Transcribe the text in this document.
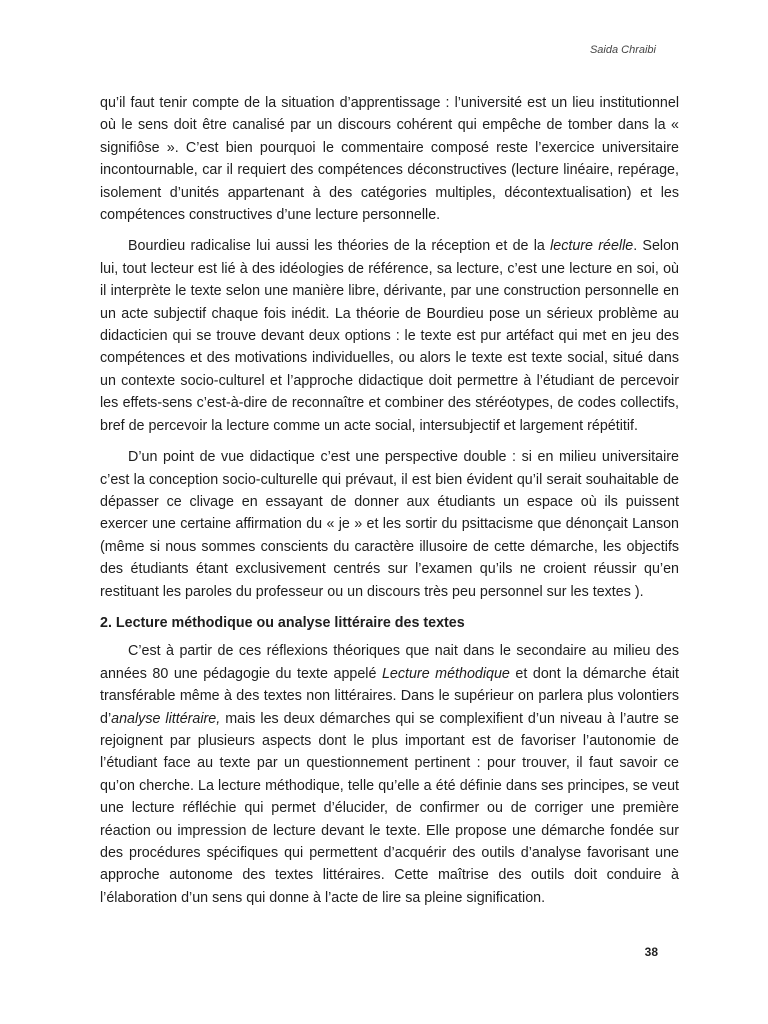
Saida Chraibi

qu’il faut tenir compte de la situation d’apprentissage : l’université est un lieu institutionnel où le sens doit être canalisé par un discours cohérent qui empêche de tomber dans la « signifiôse ». C’est bien pourquoi le commentaire composé reste l’exercice universitaire incontournable, car il requiert des compétences déconstructives (lecture linéaire, repérage, isolement d’unités appartenant à des catégories multiples, décontextualisation) et les compétences constructives d’une lecture personnelle.

Bourdieu radicalise lui aussi les théories de la réception et de la lecture réelle. Selon lui, tout lecteur est lié à des idéologies de référence, sa lecture, c’est une lecture en soi, où il interprète le texte selon une manière libre, dérivante, par une construction personnelle en un acte subjectif chaque fois inédit. La théorie de Bourdieu pose un sérieux problème au didacticien qui se trouve devant deux options : le texte est pur artéfact qui met en jeu des compétences et des motivations individuelles, ou alors le texte est texte social, situé dans un contexte socio-culturel et l’approche didactique doit permettre à l’étudiant de percevoir les effets-sens c’est-à-dire de reconnaître et combiner des stéréotypes, de codes collectifs, bref de percevoir la lecture comme un acte social, intersubjectif et largement répétitif.

D’un point de vue didactique c’est une perspective double : si en milieu universitaire c’est la conception socio-culturelle qui prévaut, il est bien évident qu’il serait souhaitable de dépasser ce clivage en essayant de donner aux étudiants un espace où ils puissent exercer une certaine affirmation du « je » et les sortir du psittacisme que dénonçait Lanson (même si nous sommes conscients du caractère illusoire de cette démarche, les objectifs des étudiants étant exclusivement centrés sur l’examen qu’ils ne croient réussir qu’en restituant les paroles du professeur ou un discours très peu personnel sur les textes ).

2. Lecture méthodique ou analyse littéraire des textes

C’est à partir de ces réflexions théoriques que nait dans le secondaire au milieu des années 80 une pédagogie du texte appelé Lecture méthodique et dont la démarche était transférable même à des textes non littéraires. Dans le supérieur on parlera plus volontiers d’analyse littéraire, mais les deux démarches qui se complexifient d’un niveau à l’autre se rejoignent par plusieurs aspects dont le plus important est de favoriser l’autonomie de l’étudiant face au texte par un questionnement pertinent : pour trouver, il faut savoir ce qu’on cherche. La lecture méthodique, telle qu’elle a été définie dans ses principes, se veut une lecture réfléchie qui permet d’élucider, de confirmer ou de corriger une première réaction ou impression de lecture devant le texte. Elle propose une démarche fondée sur des procédures spécifiques qui permettent d’acquérir des outils d’analyse favorisant une approche autonome des textes littéraires. Cette maîtrise des outils doit conduire à l’élaboration d’un sens qui donne à l’acte de lire sa pleine signification.

38
